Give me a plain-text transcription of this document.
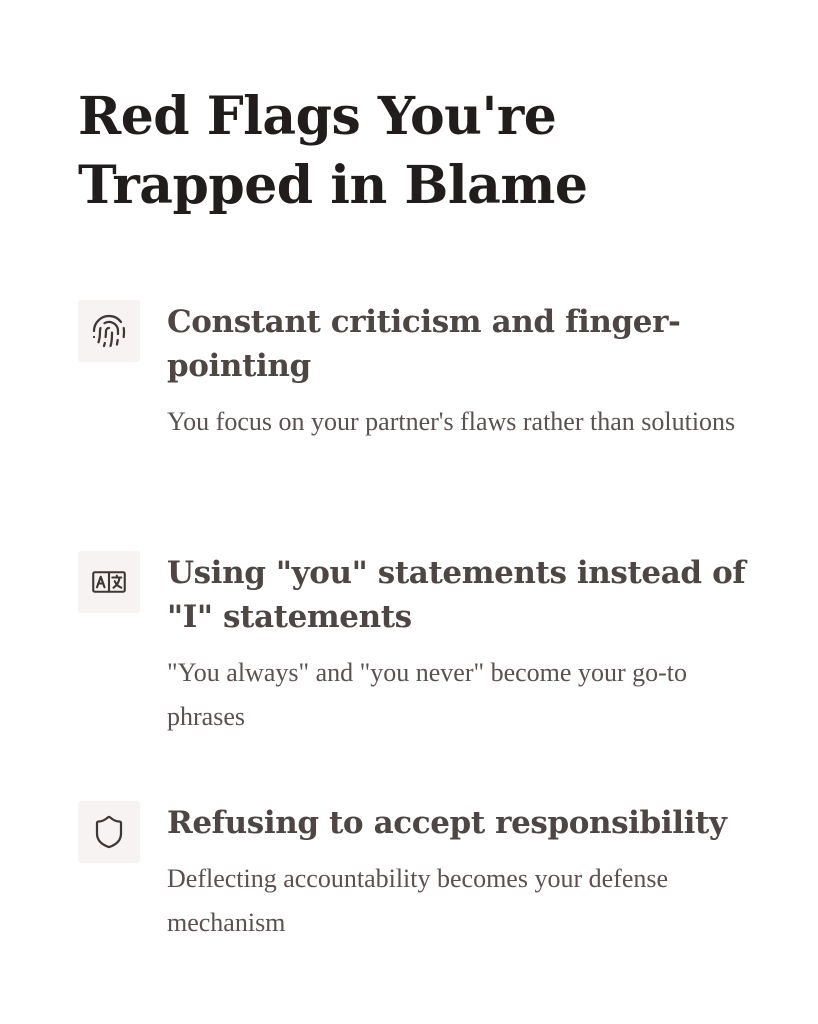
Red Flags You're Trapped in Blame
Constant criticism and finger-pointing

You focus on your partner's flaws rather than solutions

Using "you" statements instead of "I" statements

"You always" and "you never" become your go-to phrases

Refusing to accept responsibility

Deflecting accountability becomes your defense mechanism
